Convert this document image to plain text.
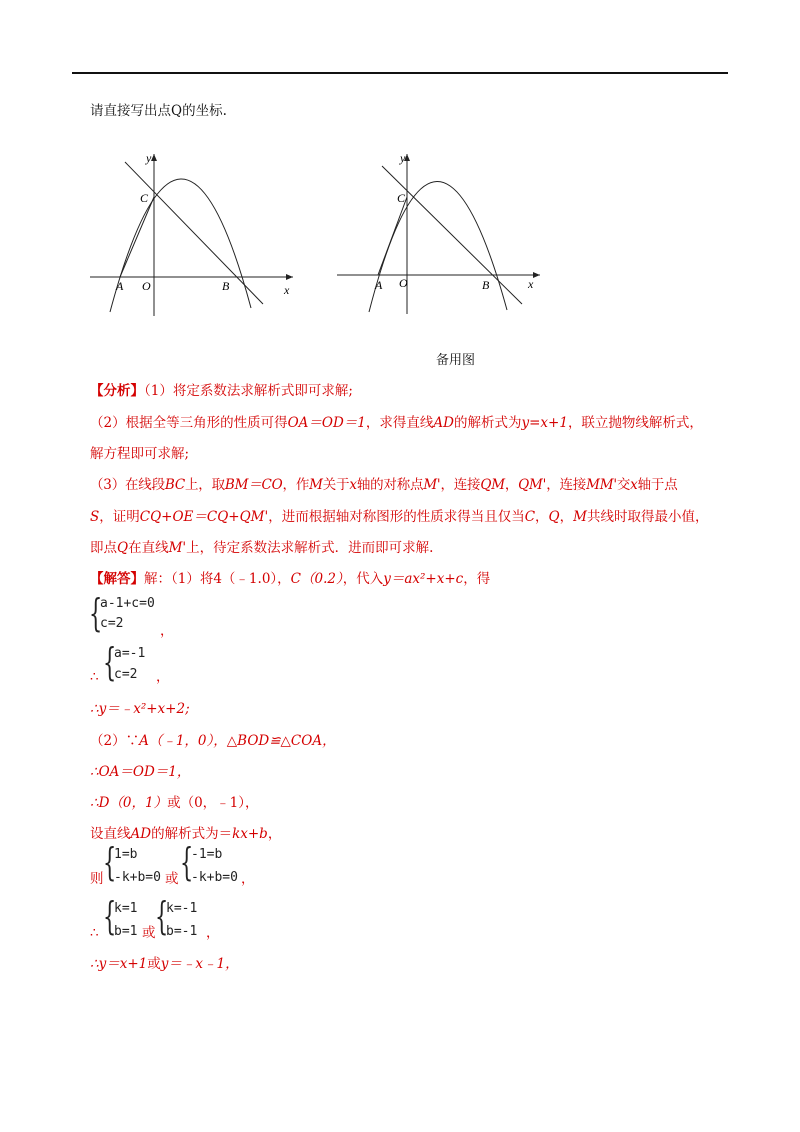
请直接写出点Q的坐标.
y
x
C
A O	B
y
x
C
A O	B
备用图
【分析】（1）将定系数法求解析式即可求解;
（2）根据全等三角形的性质可得OA＝OD＝1，求得直线AD的解析式为y=x+1，联立抛物线解析式，
解方程即可求解;
（3）在线段BC上，取BM＝CO，作M关于x轴的对称点M'，连接QM，QM'，连接MM'交x轴于点
S，证明CQ+OE＝CQ+QM'，进而根据轴对称图形的性质求得当且仅当C，Q，M共线时取得最小值，
即点Q在直线M'上，待定系数法求解析式．进而即可求解.
【解答】解：（1）将4（﹣1.0），C（0.2），代入y＝ax²+x+c，得
{
a-1+c=0
c=2	，
∴ {
a=-1
c=2 ，
∴y＝﹣x²+x+2;
（2）∵A（﹣1，0），△BOD≌△COA，
∴OA＝OD＝1，
∴D（0，1）或（0，﹣1），
设直线AD的解析式为＝kx+b，
则 {
1=b
-k+b=0 或 {
-1=b
-k+b=0 ，
∴ {
k=1
b=1 或 {
k=-1
b=-1 ，
∴y＝x+1或y＝﹣x﹣1，
